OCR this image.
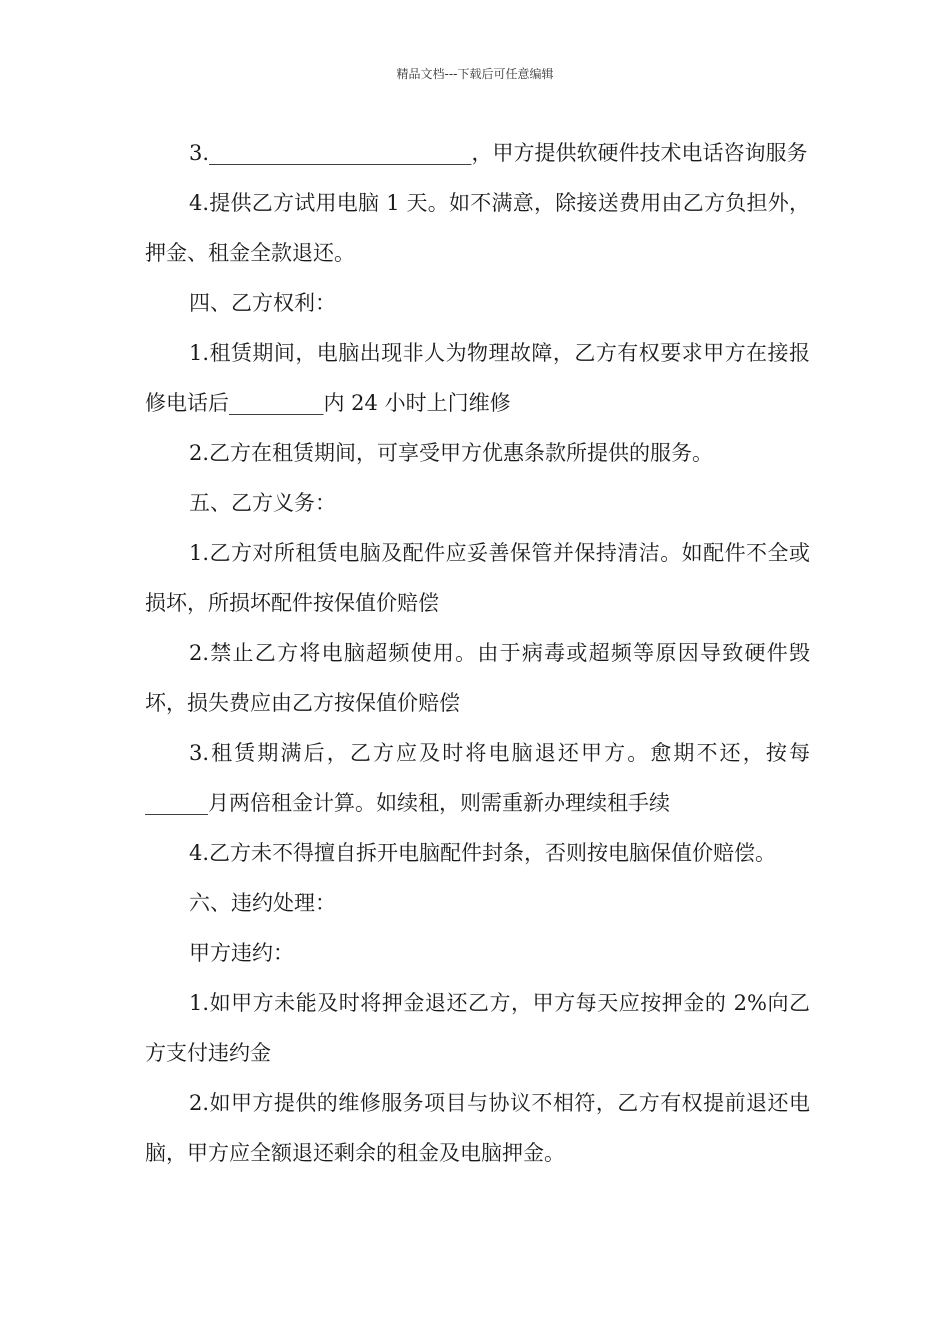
精品文档---下载后可任意编辑

3._________________________，甲方提供软硬件技术电话咨询服务

4.提供乙方试用电脑 1 天。如不满意，除接送费用由乙方负担外，押金、租金全款退还。

四、乙方权利：

1.租赁期间，电脑出现非人为物理故障，乙方有权要求甲方在接报修电话后_________内 24 小时上门维修

2.乙方在租赁期间，可享受甲方优惠条款所提供的服务。

五、乙方义务：

1.乙方对所租赁电脑及配件应妥善保管并保持清洁。如配件不全或损坏，所损坏配件按保值价赔偿

2.禁止乙方将电脑超频使用。由于病毒或超频等原因导致硬件毁坏，损失费应由乙方按保值价赔偿

3.租赁期满后，乙方应及时将电脑退还甲方。愈期不还，按每______月两倍租金计算。如续租，则需重新办理续租手续

4.乙方未不得擅自拆开电脑配件封条，否则按电脑保值价赔偿。

六、违约处理：

甲方违约：

1.如甲方未能及时将押金退还乙方，甲方每天应按押金的 2%向乙方支付违约金

2.如甲方提供的维修服务项目与协议不相符，乙方有权提前退还电脑，甲方应全额退还剩余的租金及电脑押金。
